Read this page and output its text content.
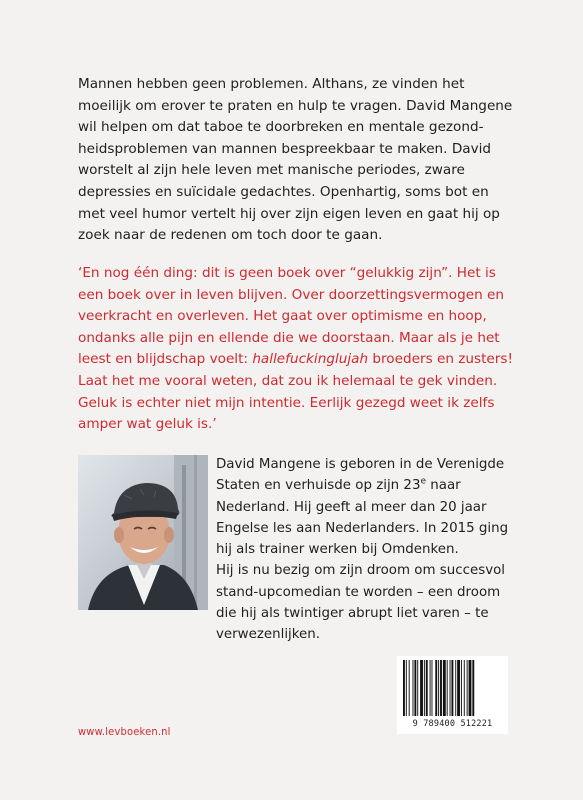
Mannen hebben geen problemen. Althans, ze vinden het moeilijk om erover te praten en hulp te vragen. David Mangene wil helpen om dat taboe te doorbreken en mentale gezondheidsproblemen van mannen bespreekbaar te maken. David worstelt al zijn hele leven met manische periodes, zware depressies en suïcidale gedachtes. Openhartig, soms bot en met veel humor vertelt hij over zijn eigen leven en gaat hij op zoek naar de redenen om toch door te gaan.

‘En nog één ding: dit is geen boek over “gelukkig zijn”. Het is een boek over in leven blijven. Over doorzettingsvermogen en veerkracht en overleven. Het gaat over optimisme en hoop, ondanks alle pijn en ellende die we doorstaan. Maar als je het leest en blijdschap voelt: hallefuckinglujah broeders en zusters! Laat het me vooral weten, dat zou ik helemaal te gek vinden. Geluk is echter niet mijn intentie. Eerlijk gezegd weet ik zelfs amper wat geluk is.’

David Mangene is geboren in de Verenigde Staten en verhuisde op zijn 23e naar Nederland. Hij geeft al meer dan 20 jaar Engelse les aan Nederlanders. In 2015 ging hij als trainer werken bij Omdenken.
Hij is nu bezig om zijn droom om succesvol stand-upcomedian te worden – een droom die hij als twintiger abrupt liet varen – te verwezenlijken.

www.levboeken.nl

9 789400 512221
